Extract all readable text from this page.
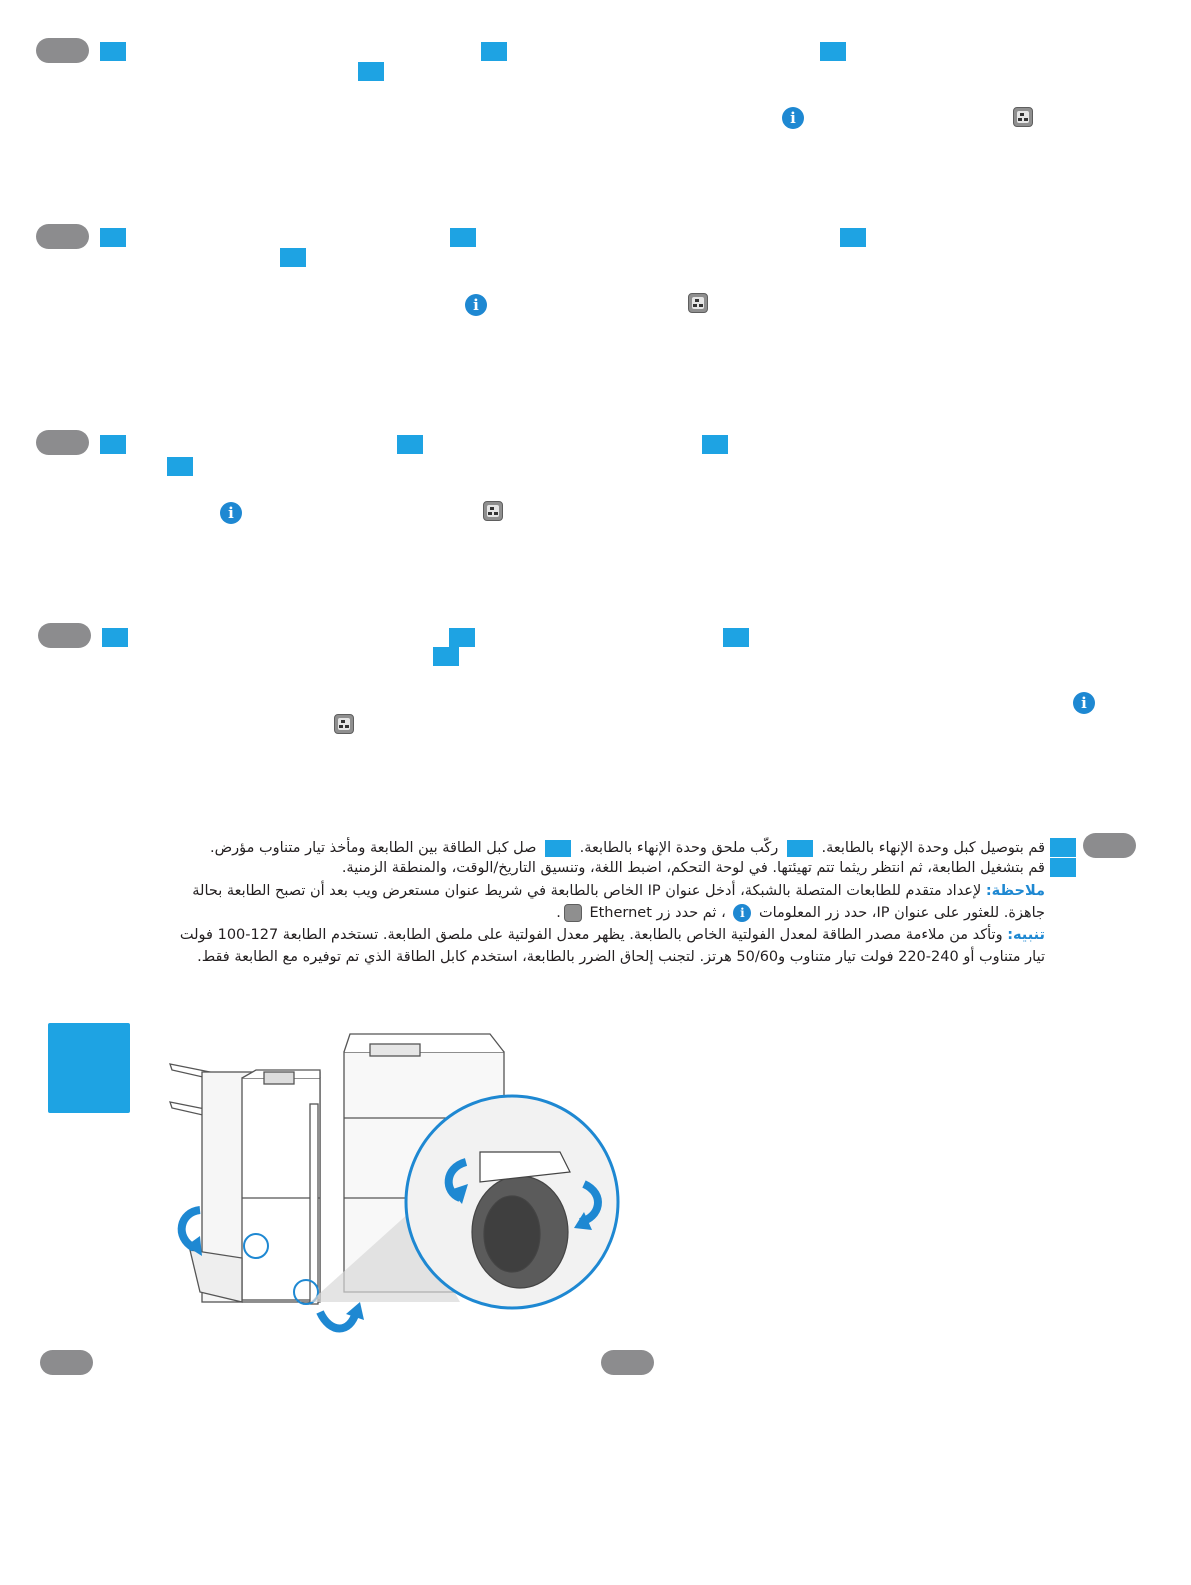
i
i
i
i
قم بتوصيل كبل وحدة الإنهاء بالطابعة.  ركّب ملحق وحدة الإنهاء بالطابعة.  صل كبل الطاقة بين الطابعة ومأخذ تيار متناوب مؤرض.
قم بتشغيل الطابعة، ثم انتظر ريثما تتم تهيئتها. في لوحة التحكم، اضبط اللغة، وتنسيق التاريخ/الوقت، والمنطقة الزمنية.
ملاحظة: لإعداد متقدم للطابعات المتصلة بالشبكة، أدخل عنوان IP الخاص بالطابعة في شريط عنوان مستعرض ويب بعد أن تصبح الطابعة بحالة
جاهزة. للعثور على عنوان IP، حدد زر المعلومات i ، ثم حدد زر Ethernet .
تنبيه: وتأكد من ملاءمة مصدر الطاقة لمعدل الفولتية الخاص بالطابعة. يظهر معدل الفولتية على ملصق الطابعة. تستخدم الطابعة 127-100 فولت
تيار متناوب أو 240-220 فولت تيار متناوب و50/60 هرتز. لتجنب إلحاق الضرر بالطابعة، استخدم كابل الطاقة الذي تم توفيره مع الطابعة فقط.
